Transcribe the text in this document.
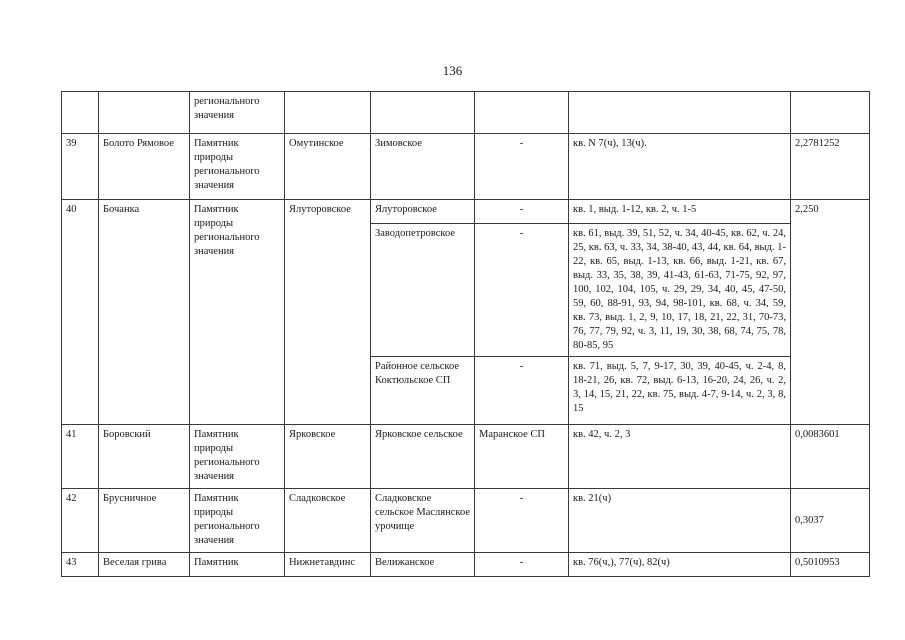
136
		регионального значения					
39	Болото Рямовое	Памятник природы регионального значения	Омутинское	Зимовское	-	кв. N 7(ч), 13(ч).	2,2781252
40	Бочанка	Памятник природы регионального значения	Ялуторовское	Ялуторовское	-	кв. 1, выд. 1-12, кв. 2, ч. 1-5	2,250
				Заводопетровское	-	кв. 61, выд. 39, 51, 52, ч. 34, 40-45, кв. 62, ч. 24, 25, кв. 63, ч. 33, 34, 38-40, 43, 44, кв. 64, выд. 1-22, кв. 65, выд. 1-13, кв. 66, выд. 1-21, кв. 67, выд. 33, 35, 38, 39, 41-43, 61-63, 71-75, 92, 97, 100, 102, 104, 105, ч. 29, 29, 34, 40, 45, 47-50, 59, 60, 88-91, 93, 94, 98-101, кв. 68, ч. 34, 59, кв. 73, выд. 1, 2, 9, 10, 17, 18, 21, 22, 31, 70-73, 76, 77, 79, 92, ч. 3, 11, 19, 30, 38, 68, 74, 75, 78, 80-85, 95	
				Районное сельское Коктюльское СП	-	кв. 71, выд. 5, 7, 9-17, 30, 39, 40-45, ч. 2-4, 8, 18-21, 26, кв. 72, выд. 6-13, 16-20, 24, 26, ч. 2, 3, 14, 15, 21, 22, кв. 75, выд. 4-7, 9-14, ч. 2, 3, 8, 15	
41	Боровский	Памятник природы регионального значения	Ярковское	Ярковское сельское	Маранское СП	кв. 42, ч. 2, 3	0,0083601
42	Брусничное	Памятник природы регионального значения	Сладковское	Сладковское сельское Маслянское урочище	-	кв. 21(ч)	0,3037
43	Веселая грива	Памятник	Нижнетавдинс	Велижанское	-	кв. 76(ч,), 77(ч), 82(ч)	0,5010953
